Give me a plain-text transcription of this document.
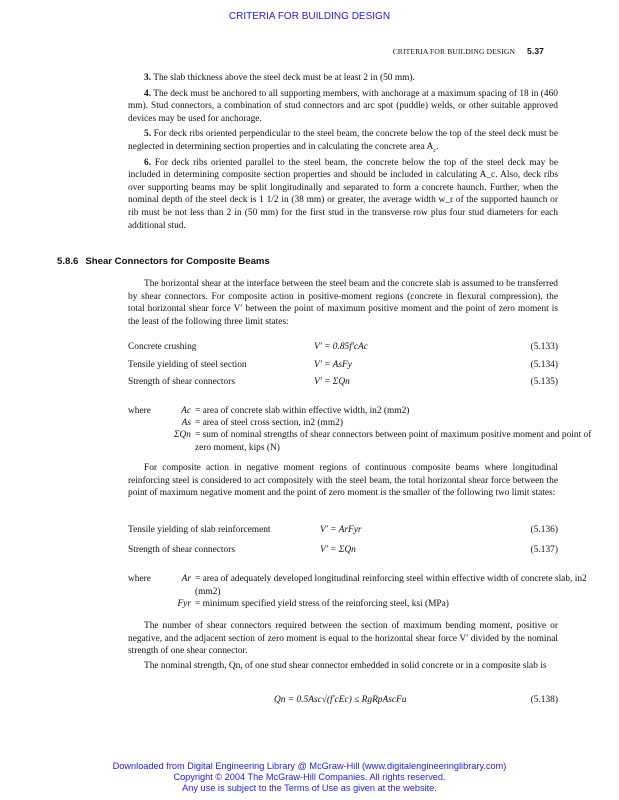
CRITERIA FOR BUILDING DESIGN
CRITERIA FOR BUILDING DESIGN 5.37

3. The slab thickness above the steel deck must be at least 2 in (50 mm).

4. The deck must be anchored to all supporting members, with anchorage at a maximum spacing of 18 in (460 mm). Stud connectors, a combination of stud connectors and arc spot (puddle) welds, or other suitable approved devices may be used for anchorage.

5. For deck ribs oriented perpendicular to the steel beam, the concrete below the top of the steel deck must be neglected in determining section properties and in calculating the concrete area $A_c$.

6. For deck ribs oriented parallel to the steel beam, the concrete below the top of the steel deck may be included in determining composite section properties and should be included in calculating A_c. Also, deck ribs over supporting beams may be split longitudinally and separated to form a concrete haunch. Further, when the nominal depth of the steel deck is 1 1/2 in (38 mm) or greater, the average width w_r of the supported haunch or rib must be not less than 2 in (50 mm) for the first stud in the transverse row plus four stud diameters for each additional stud.

5.8.6 Shear Connectors for Composite Beams

The horizontal shear at the interface between the steel beam and the concrete slab is assumed to be transferred by shear connectors. For composite action in positive-moment regions (concrete in flexural compression), the total horizontal shear force V′ between the point of maximum positive moment and the point of zero moment is the least of the following three limit states:

Concrete crushing	V′ = 0.85f′cAc	(5.133)
Tensile yielding of steel section	V′ = AsFy	(5.134)
Strength of shear connectors	V′ = ΣQn	(5.135)
where	Ac = area of concrete slab within effective width, in2 (mm2)
As = area of steel cross section, in2 (mm2)
ΣQn = sum of nominal strengths of shear connectors between point of maximum positive moment and point of zero moment, kips (N)

For composite action in negative moment regions of continuous composite beams where longitudinal reinforcing steel is considered to act compositely with the steel beam, the total horizontal shear force between the point of maximum negative moment and the point of zero moment is the smaller of the following two limit states:

Tensile yielding of slab reinforcement	V′ = ArFyr	(5.136)
Strength of shear connectors	V′ = ΣQn	(5.137)
where	Ar = area of adequately developed longitudinal reinforcing steel within effective width of concrete slab, in2 (mm2)
Fyr = minimum specified yield stress of the reinforcing steel, ksi (MPa)

The number of shear connectors required between the section of maximum bending moment, positive or negative, and the adjacent section of zero moment is equal to the horizontal shear force V′ divided by the nominal strength of one shear connector.

The nominal strength, Qn, of one stud shear connector embedded in solid concrete or in a composite slab is

Qn = 0.5Asc√(f′cEc) ≤ RgRpAscFu	(5.138)
Downloaded from Digital Engineering Library @ McGraw-Hill (www.digitalengineeringlibrary.com)
Copyright © 2004 The McGraw-Hill Companies. All rights reserved.
Any use is subject to the Terms of Use as given at the website.
